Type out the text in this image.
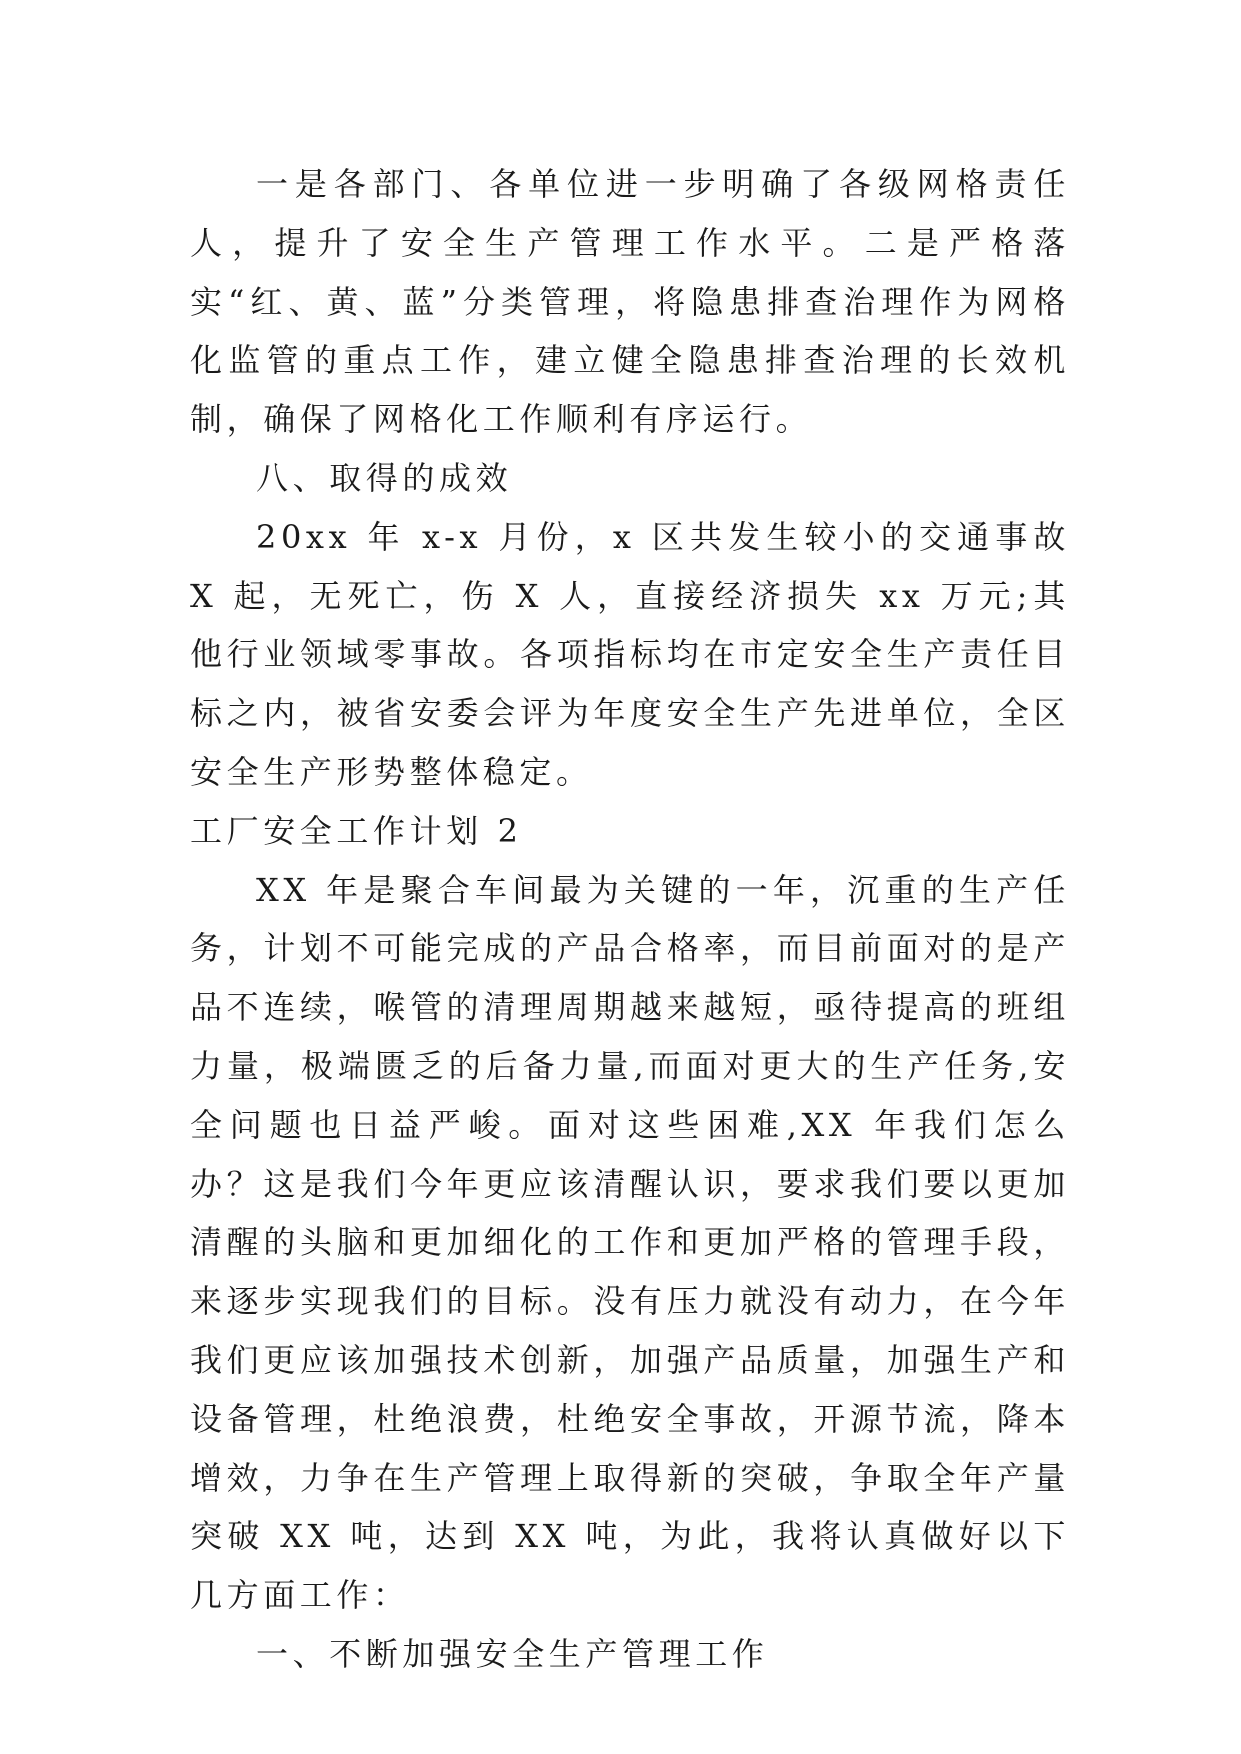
一是各部门、各单位进一步明确了各级网格责任人，提升了安全生产管理工作水平。二是严格落实“红、黄、蓝”分类管理，将隐患排查治理作为网格化监管的重点工作，建立健全隐患排查治理的长效机制，确保了网格化工作顺利有序运行。

八、取得的成效

20xx 年 x-x 月份，x 区共发生较小的交通事故 X 起，无死亡，伤 X 人，直接经济损失 xx 万元;其他行业领域零事故。各项指标均在市定安全生产责任目标之内，被省安委会评为年度安全生产先进单位，全区安全生产形势整体稳定。

工厂安全工作计划 2

XX 年是聚合车间最为关键的一年，沉重的生产任务，计划不可能完成的产品合格率，而目前面对的是产品不连续，喉管的清理周期越来越短，亟待提高的班组力量，极端匮乏的后备力量,而面对更大的生产任务,安全问题也日益严峻。面对这些困难,XX 年我们怎么办？这是我们今年更应该清醒认识，要求我们要以更加清醒的头脑和更加细化的工作和更加严格的管理手段，来逐步实现我们的目标。没有压力就没有动力，在今年我们更应该加强技术创新，加强产品质量，加强生产和设备管理，杜绝浪费，杜绝安全事故，开源节流，降本增效，力争在生产管理上取得新的突破，争取全年产量突破 XX 吨，达到 XX 吨，为此，我将认真做好以下几方面工作：

一、不断加强安全生产管理工作
